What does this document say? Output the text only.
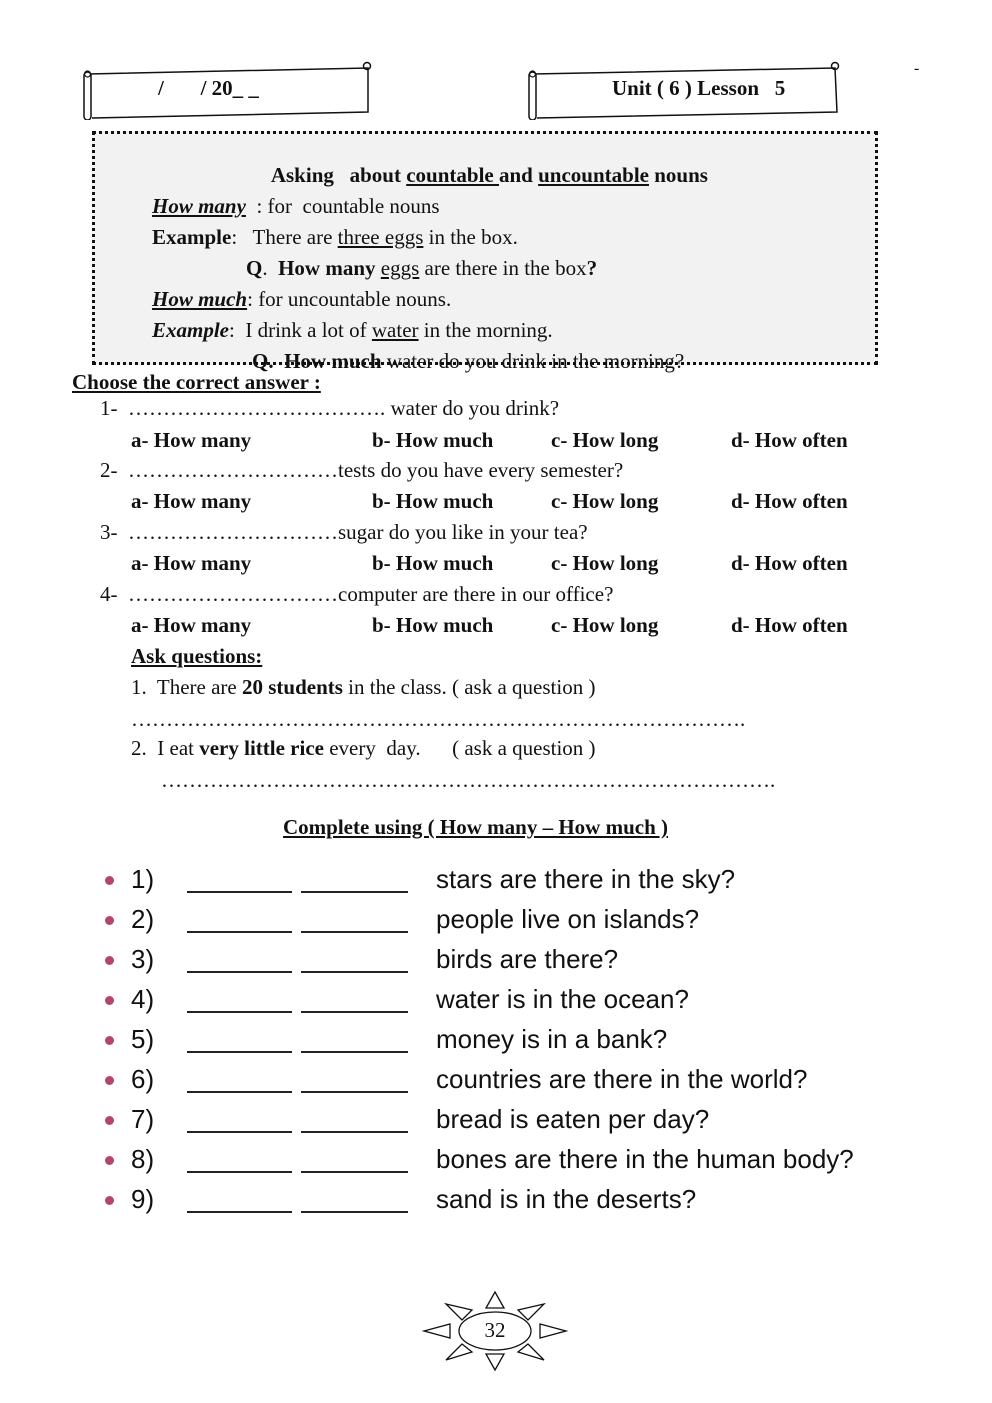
/       / 20_ _	Unit ( 6 ) Lesson   5
-

Asking   about countable and uncountable nouns

How many  : for  countable nouns

Example:   There are three eggs in the box.

Q.  How many eggs are there in the box?

How much: for uncountable nouns.

Example:  I drink a lot of water in the morning.

Q.  How much water do you drink in the morning?

Choose the correct answer :
1- ………………………………. water do you drink?
a- How many	b- How much	c- How long	d- How often
2- …………………………tests do you have every semester?
a- How many	b- How much	c- How long	d- How often
3- …………………………sugar do you like in your tea?
a- How many	b- How much	c- How long	d- How often
4- …………………………computer are there in our office?
a- How many	b- How much	c- How long	d- How often
Ask questions:
1.  There are 20 students in the class. ( ask a question )
…………………………………………………………………………….
2.  I eat very little rice every  day.      ( ask a question )
…………………………………………………………………………….
Complete using ( How many – How much )
1)	stars are there in the sky?
2)	people live on islands?
3)	birds are there?
4)	water is in the ocean?
5)	money is in a bank?
6)	countries are there in the world?
7)	bread is eaten per day?
8)	bones are there in the human body?
9)	sand is in the deserts?
32
